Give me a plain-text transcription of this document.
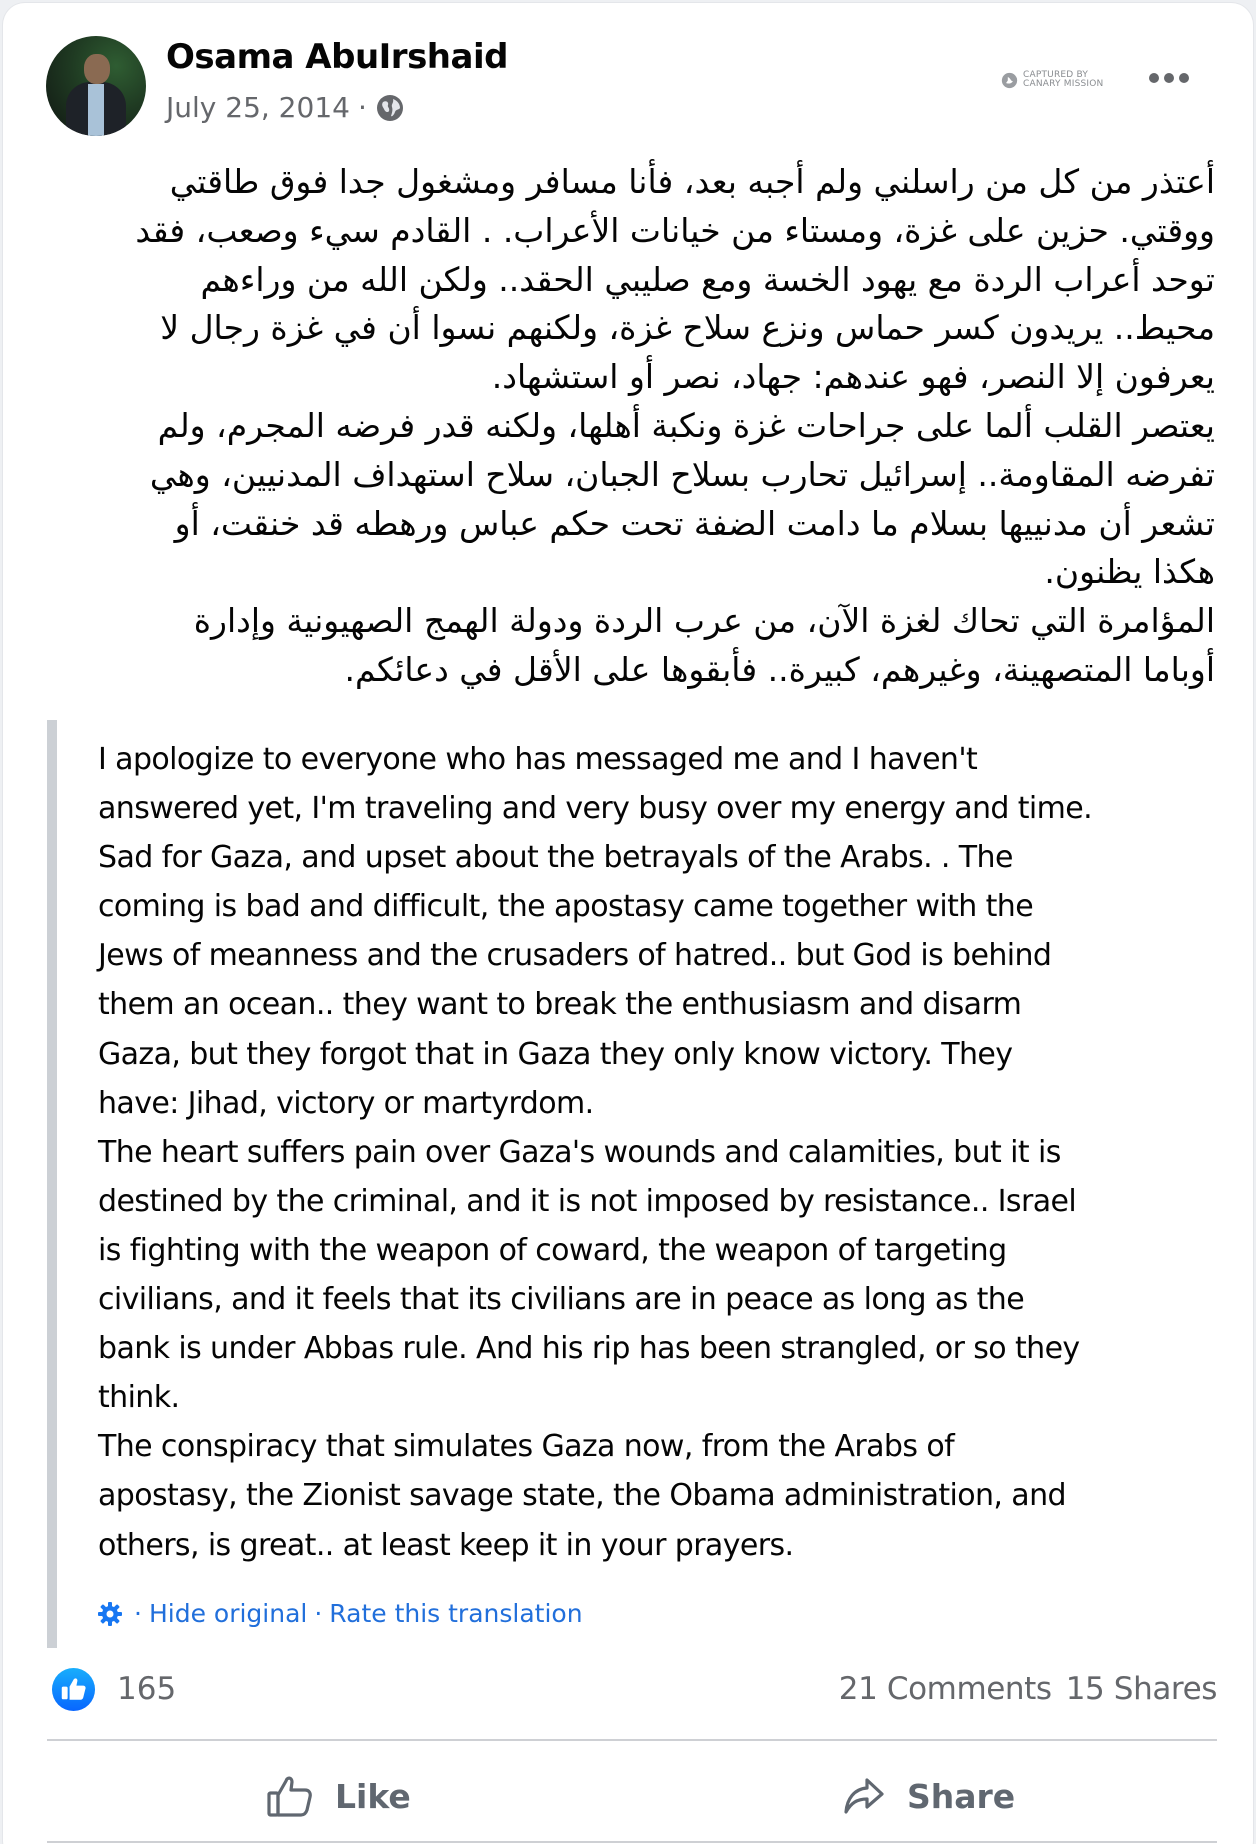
Osama AbuIrshaid
July 25, 2014 ·
CAPTURED BY
CANARY MISSION
أعتذر من كل من راسلني ولم أجبه بعد، فأنا مسافر ومشغول جدا فوق طاقتي
ووقتي. حزين على غزة، ومستاء من خيانات الأعراب. . القادم سيء وصعب، فقد
توحد أعراب الردة مع يهود الخسة ومع صليبي الحقد.. ولكن الله من وراءهم
محيط.. يريدون كسر حماس ونزع سلاح غزة، ولكنهم نسوا أن في غزة رجال لا
يعرفون إلا النصر، فهو عندهم: جهاد، نصر أو استشهاد.
يعتصر القلب ألما على جراحات غزة ونكبة أهلها، ولكنه قدر فرضه المجرم، ولم
تفرضه المقاومة.. إسرائيل تحارب بسلاح الجبان، سلاح استهداف المدنيين، وهي
تشعر أن مدنييها بسلام ما دامت الضفة تحت حكم عباس ورهطه قد خنقت، أو
هكذا يظنون.
المؤامرة التي تحاك لغزة الآن، من عرب الردة ودولة الهمج الصهيونية وإدارة
أوباما المتصهينة، وغيرهم، كبيرة.. فأبقوها على الأقل في دعائكم.
I apologize to everyone who has messaged me and I haven't
answered yet, I'm traveling and very busy over my energy and time.
Sad for Gaza, and upset about the betrayals of the Arabs. . The
coming is bad and difficult, the apostasy came together with the
Jews of meanness and the crusaders of hatred.. but God is behind
them an ocean.. they want to break the enthusiasm and disarm
Gaza, but they forgot that in Gaza they only know victory. They
have: Jihad, victory or martyrdom.
The heart suffers pain over Gaza's wounds and calamities, but it is
destined by the criminal, and it is not imposed by resistance.. Israel
is fighting with the weapon of coward, the weapon of targeting
civilians, and it feels that its civilians are in peace as long as the
bank is under Abbas rule. And his rip has been strangled, or so they
think.
The conspiracy that simulates Gaza now, from the Arabs of
apostasy, the Zionist savage state, the Obama administration, and
others, is great.. at least keep it in your prayers.
· Hide original · Rate this translation
165	21 Comments 15 Shares
Like	Share
